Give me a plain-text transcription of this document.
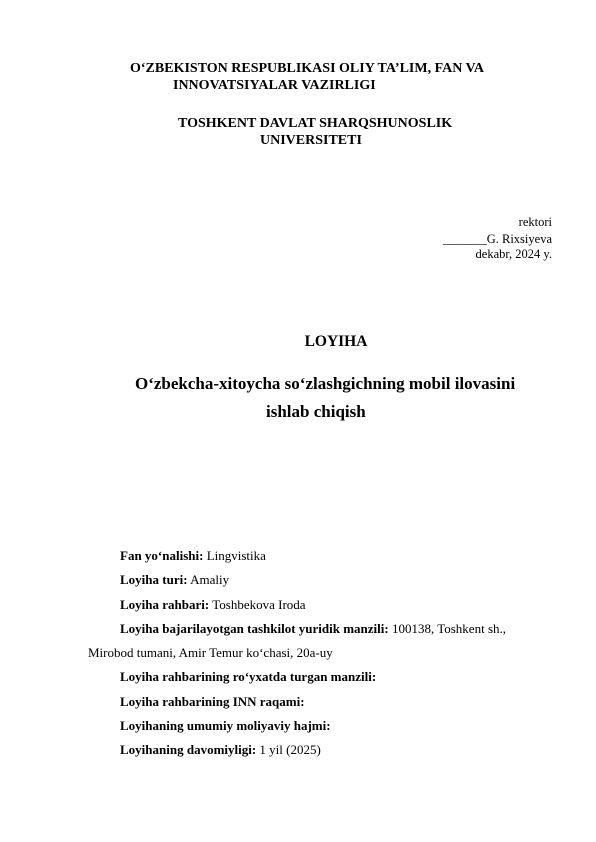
O‘ZBEKISTON RESPUBLIKASI OLIY TA’LIM, FAN VA
INNOVATSIYALAR VAZIRLIGI
TOSHKENT DAVLAT SHARQSHUNOSLIK
UNIVERSITETI
rektori
_______G. Rixsiyeva
dekabr, 2024 y.
LOYIHA
O‘zbekcha-xitoycha so‘zlashgichning mobil ilovasini
ishlab chiqish
Fan yo‘nalishi: Lingvistika
Loyiha turi: Amaliy
Loyiha rahbari: Toshbekova Iroda
Loyiha bajarilayotgan tashkilot yuridik manzili: 100138, Toshkent sh.,
Mirobod tumani, Amir Temur ko‘chasi, 20a-uy
Loyiha rahbarining ro‘yxatda turgan manzili:
Loyiha rahbarining INN raqami:
Loyihaning umumiy moliyaviy hajmi:
Loyihaning davomiyligi: 1 yil (2025)
